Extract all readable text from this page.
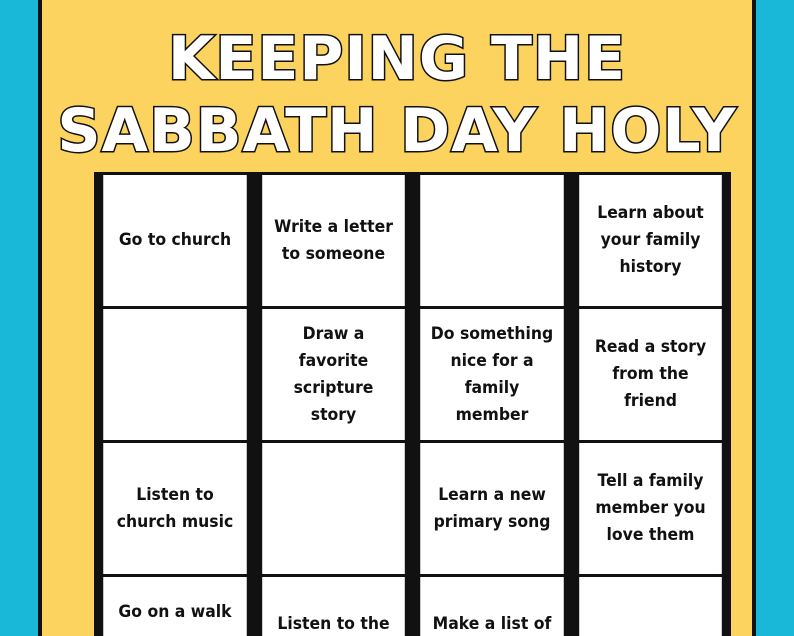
KEEPING THE
SABBATH DAY HOLY
Go to church
Write a letter to someone
Learn about your family history
Draw a favorite scripture story
Do something nice for a family member
Read a story from the friend
Listen to church music
Learn a new primary song
Tell a family member you love them
Go on a walk
Listen to the	Make a list of
